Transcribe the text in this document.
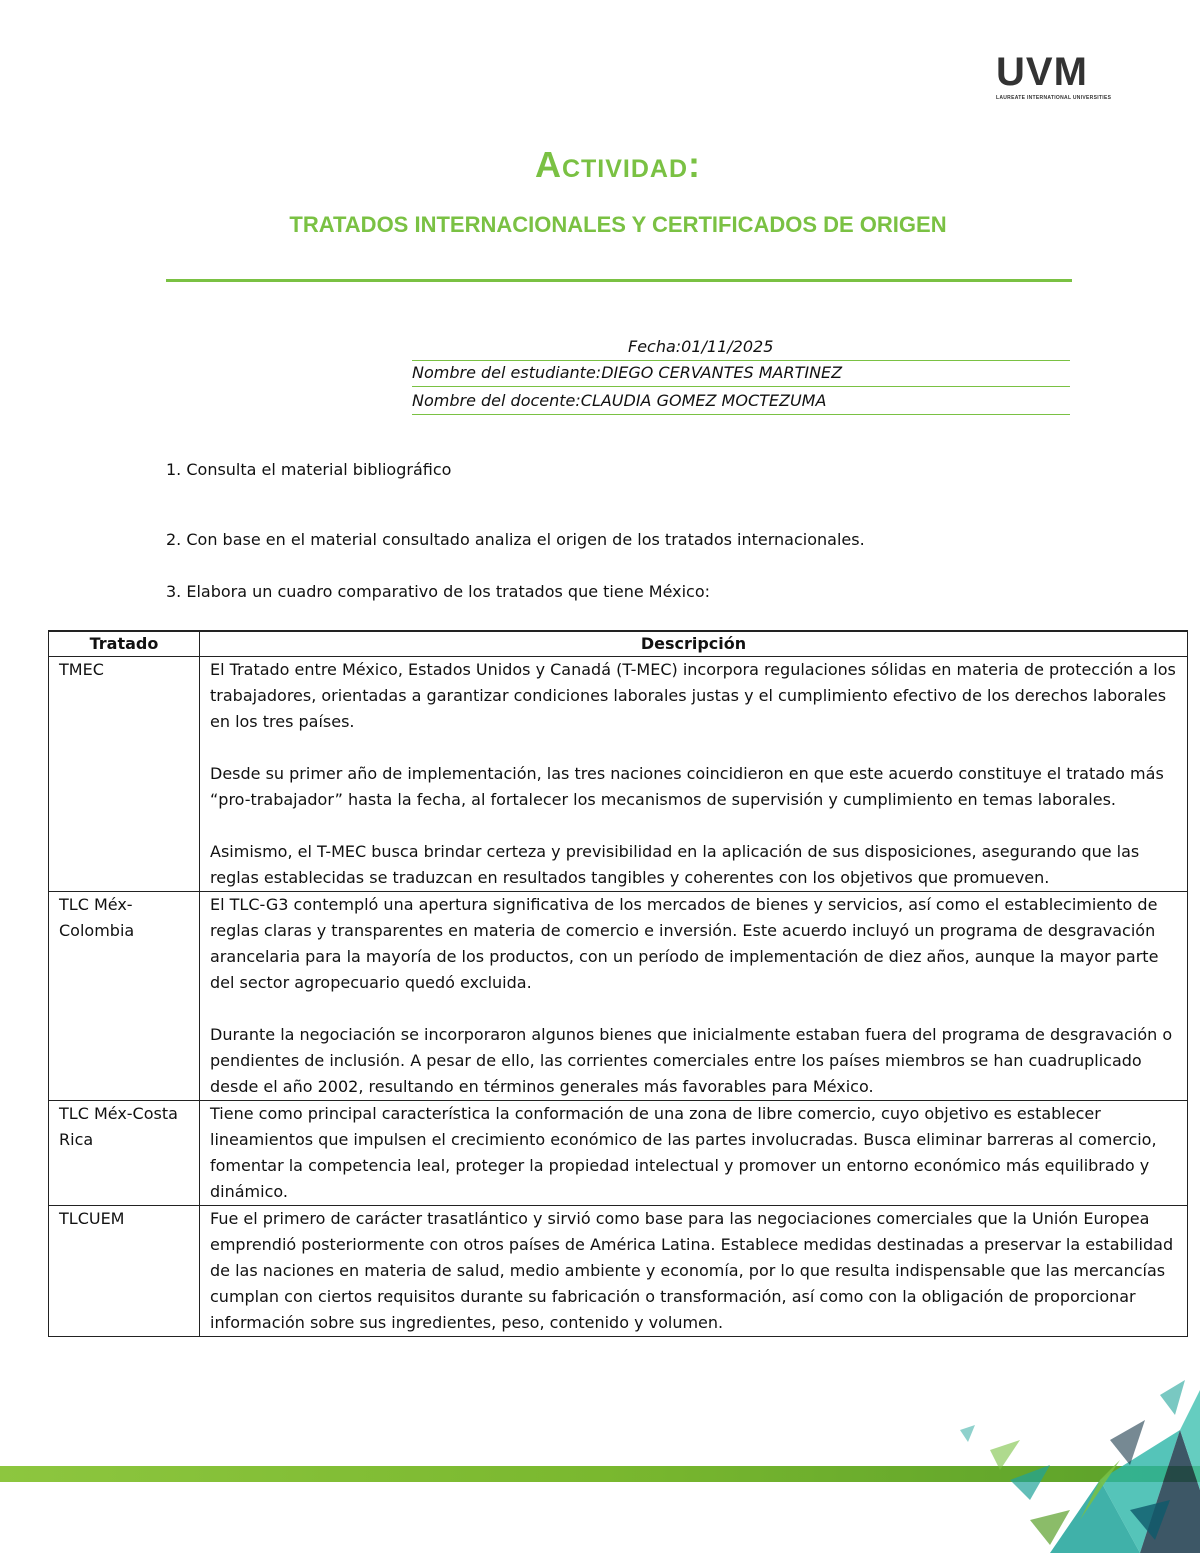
UVM
LAUREATE INTERNATIONAL UNIVERSITIES
Actividad:
TRATADOS INTERNACIONALES Y CERTIFICADOS DE ORIGEN
Fecha:01/11/2025
Nombre del estudiante:DIEGO CERVANTES MARTINEZ
Nombre del docente:CLAUDIA GOMEZ MOCTEZUMA
1. Consulta el material bibliográfico
2. Con base en el material consultado analiza el origen de los tratados internacionales.
3. Elabora un cuadro comparativo de los tratados que tiene México:
Tratado	Descripción
TMEC	El Tratado entre México, Estados Unidos y Canadá (T-MEC) incorpora regulaciones sólidas en materia de protección a los trabajadores, orientadas a garantizar condiciones laborales justas y el cumplimiento efectivo de los derechos laborales en los tres países.

Desde su primer año de implementación, las tres naciones coincidieron en que este acuerdo constituye el tratado más “pro-trabajador” hasta la fecha, al fortalecer los mecanismos de supervisión y cumplimiento en temas laborales.

Asimismo, el T-MEC busca brindar certeza y previsibilidad en la aplicación de sus disposiciones, asegurando que las reglas establecidas se traduzcan en resultados tangibles y coherentes con los objetivos que promueven.

TLC Méx-Colombia	El TLC-G3 contempló una apertura significativa de los mercados de bienes y servicios, así como el establecimiento de reglas claras y transparentes en materia de comercio e inversión. Este acuerdo incluyó un programa de desgravación arancelaria para la mayoría de los productos, con un período de implementación de diez años, aunque la mayor parte del sector agropecuario quedó excluida.

Durante la negociación se incorporaron algunos bienes que inicialmente estaban fuera del programa de desgravación o pendientes de inclusión. A pesar de ello, las corrientes comerciales entre los países miembros se han cuadruplicado desde el año 2002, resultando en términos generales más favorables para México.

TLC Méx-Costa Rica	Tiene como principal característica la conformación de una zona de libre comercio, cuyo objetivo es establecer lineamientos que impulsen el crecimiento económico de las partes involucradas. Busca eliminar barreras al comercio, fomentar la competencia leal, proteger la propiedad intelectual y promover un entorno económico más equilibrado y dinámico.

TLCUEM	Fue el primero de carácter trasatlántico y sirvió como base para las negociaciones comerciales que la Unión Europea emprendió posteriormente con otros países de América Latina. Establece medidas destinadas a preservar la estabilidad de las naciones en materia de salud, medio ambiente y economía, por lo que resulta indispensable que las mercancías cumplan con ciertos requisitos durante su fabricación o transformación, así como con la obligación de proporcionar información sobre sus ingredientes, peso, contenido y volumen.
